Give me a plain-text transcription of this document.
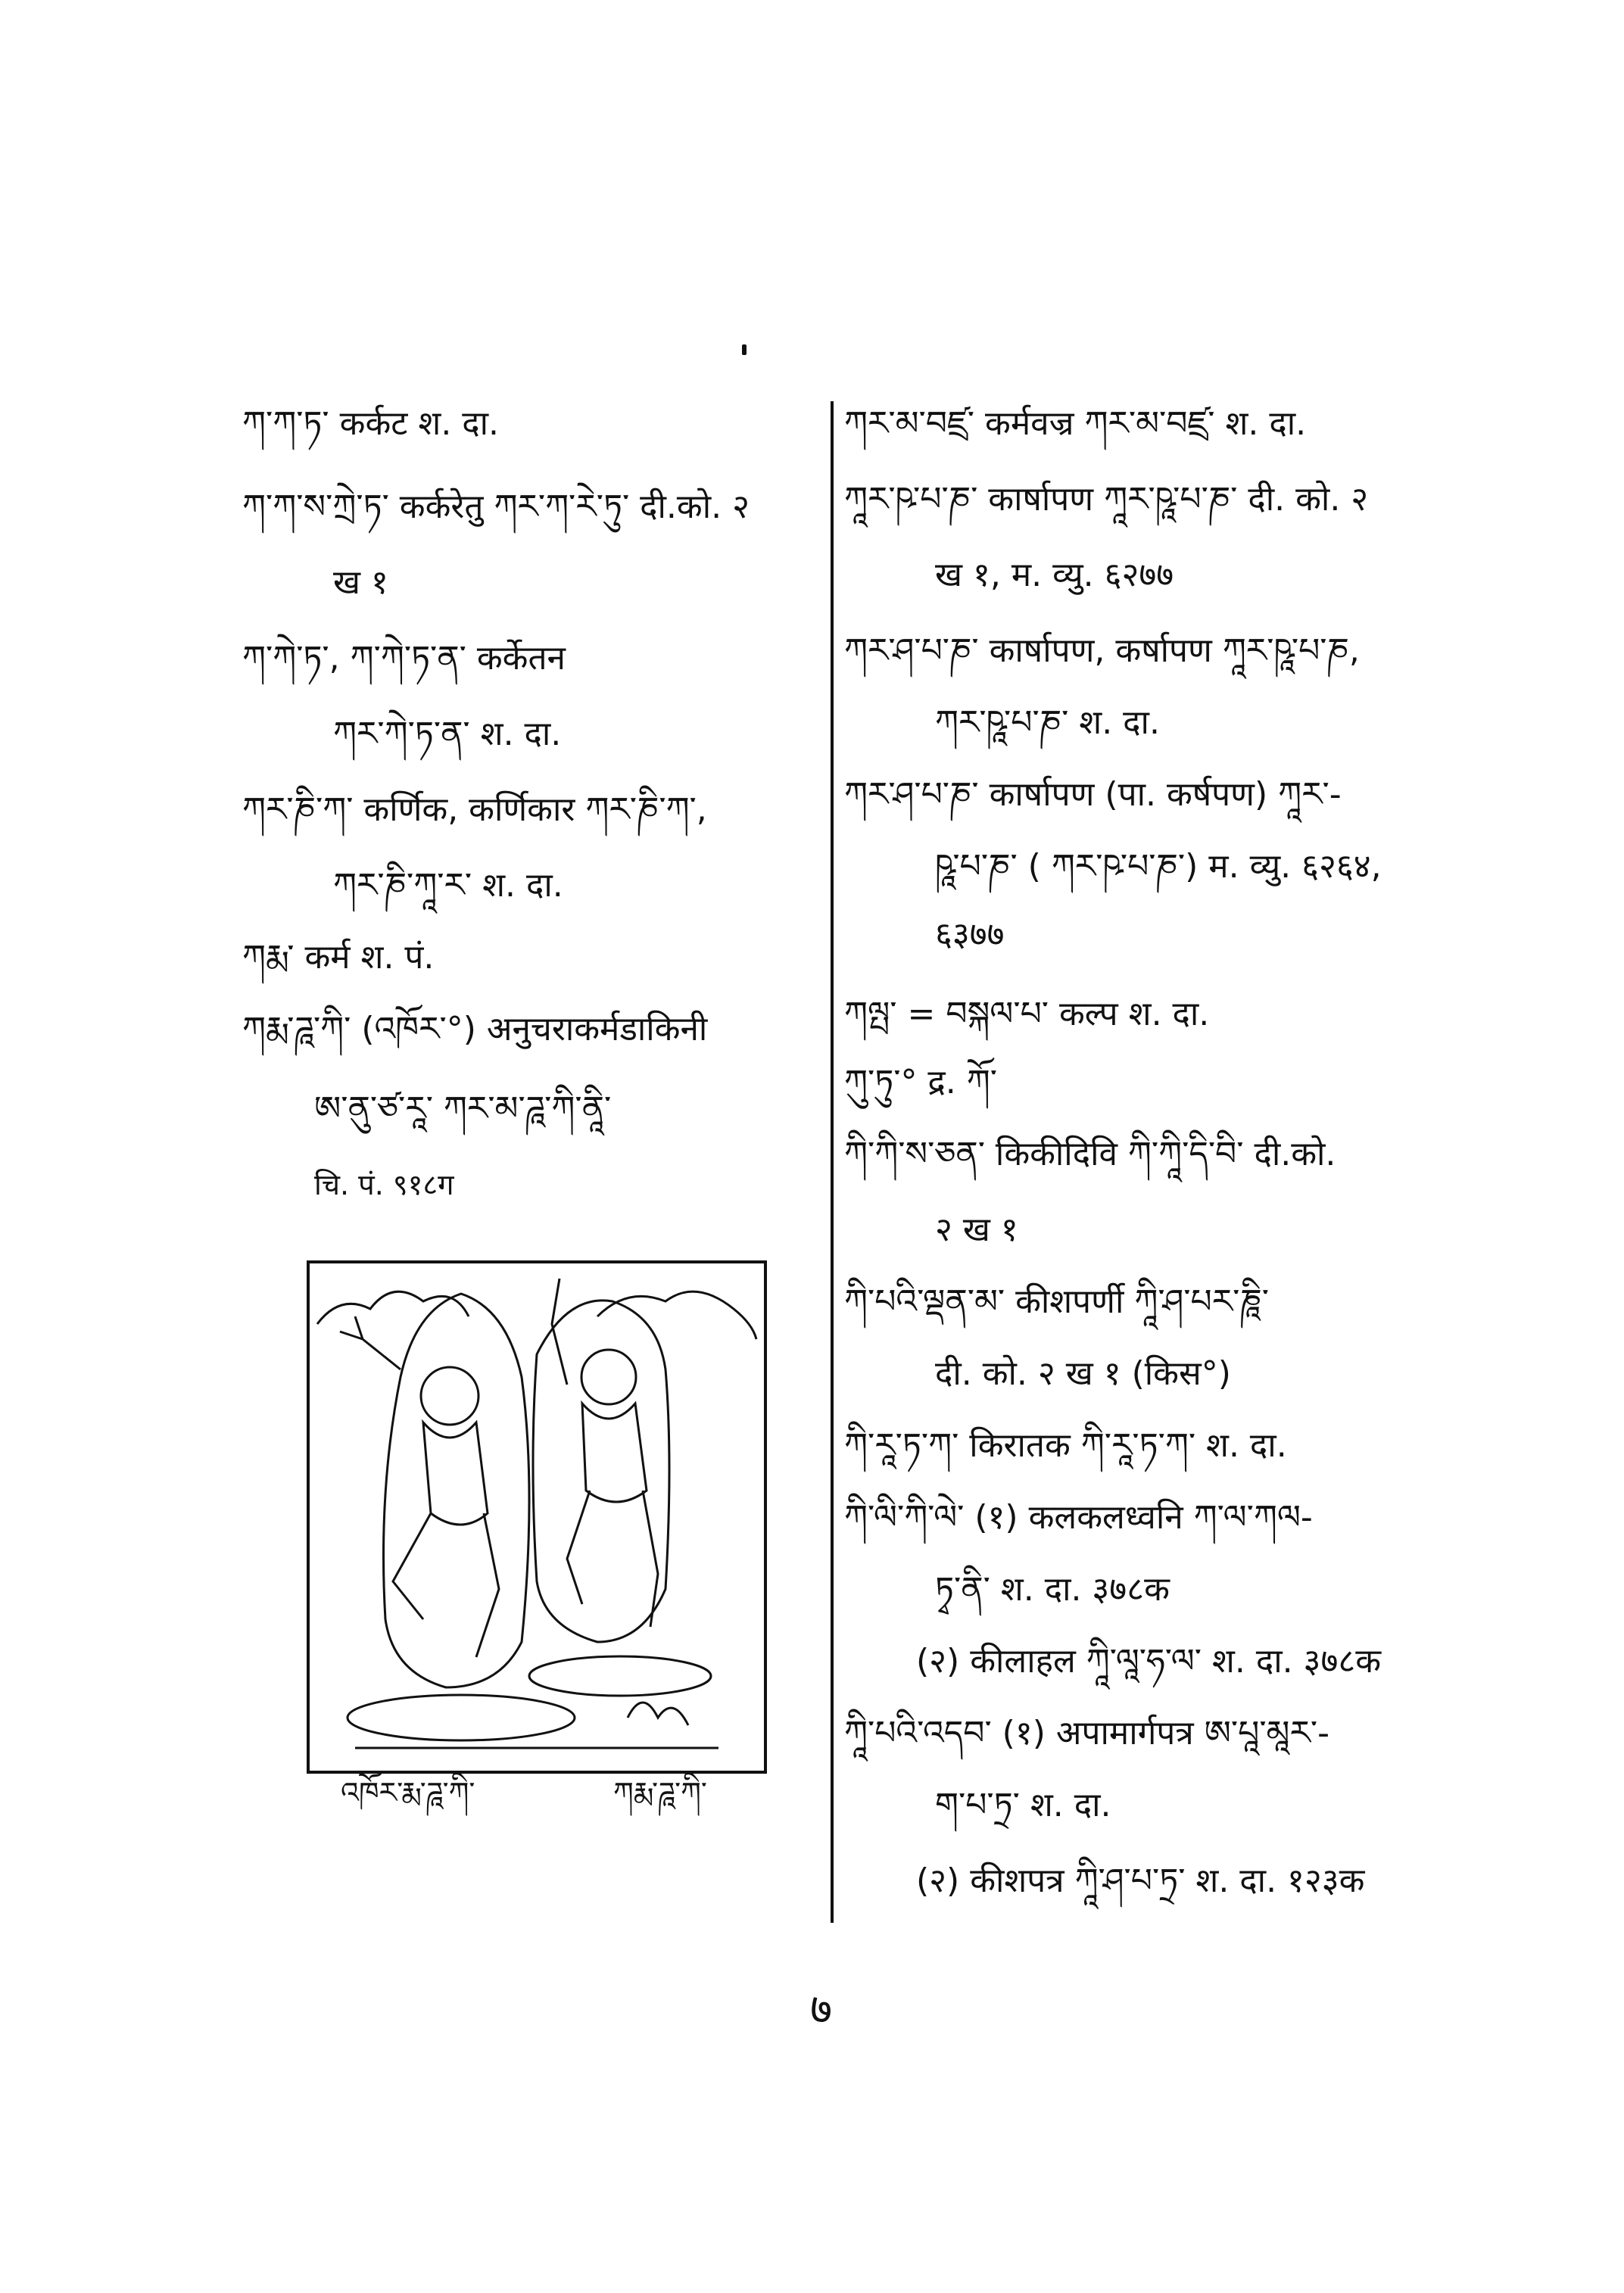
ཀ་ཀ་ཏ་ कर्कट श. दा.
ཀ་ཀ་ས་ཀྲེ་ཏ་ कर्करेतु ཀར་ཀ་རེ་ཏུ་ दी.को. २
ख १
ཀ་ཀེ་ཏ་, ཀ་ཀེ་ཏ་ན་ कर्केतन
ཀར་ཀེ་ཏ་ན་ श. दा.
ཀར་ཎི་ཀ་ कर्णिक, कर्णिकार ཀར་ཎི་ཀ་,
ཀར་ཎི་ཀཱ་ར་ श. दा.
ཀརྨ་ कर्म श. पं.
ཀརྨ་ཌཱ་ཀི་ (འཁོར་°) अनुचराकर्मडाकिनी
ཨ་ནུ་ཙ་རཱ་ ཀར་མ་ཌཱ་ཀི་ནཱི་
चि. पं. ९१८ग
ཀར་མ་བཛྲ་ कर्मवज्र ཀར་མ་བཛྲ་ श. दा.
ཀཱར་ཥ་པ་ཎ་ कार्षापण ཀཱར་ཥཱ་པ་ཎ་ दी. को. २
ख १, म. व्यु. ६२७७
ཀར་ཤ་པ་ཎ་ कार्षापण, कर्षापण ཀཱར་ཥཱ་པ་ཎ,
ཀར་ཥཱ་པ་ཎ་ श. दा.
ཀར་ཤ་པ་ཎ་ कार्षापण (पा. कर्षपण) ཀཱར་-
ཥཱ་པ་ཎ་ ( ཀར་ཥ་པ་ཎ་) म. व्यु. ६२६४,
६३७७
ཀལྤ་ = བསྐལ་པ་ कल्प श. दा.
ཀུ་ཏུ་° द्र. ཀོ་
ཀི་ཀི་ས་ཅན་ किकीदिवि ཀི་ཀཱི་དི་བི་ दी.को.
२ ख १
ཀི་པའི་ལྡན་མ་ कीशपर्णी ཀཱི་ཤ་པར་ཎཱི་
दी. को. २ ख १ (किस°)
ཀི་རཱ་ཏ་ཀ་ किरातक ཀི་རཱ་ཏ་ཀ་ श. दा.
ཀི་ལི་ཀི་ལེ་ (१) कलकलध्वनि ཀ་ལ་ཀལ-
ཏྭ་ནི་ श. दा. ३७८क
(२) कीलाहल ཀཱི་ལཱ་ཧ་ལ་ श. दा. ३७८क
ཀཱི་པའི་འདབ་ (१) अपामार्गपत्र ཨ་པཱ་མཱར་-
ག་པ་ཏྲ་ श. दा.
(२) कीशपत्र ཀཱི་ཤ་པ་ཏྲ་ श. दा. १२३क
འཁོར་རྨ་ཌཱ་ཀི་	ཀརྨ་ཌཱ་ཀི་
७
